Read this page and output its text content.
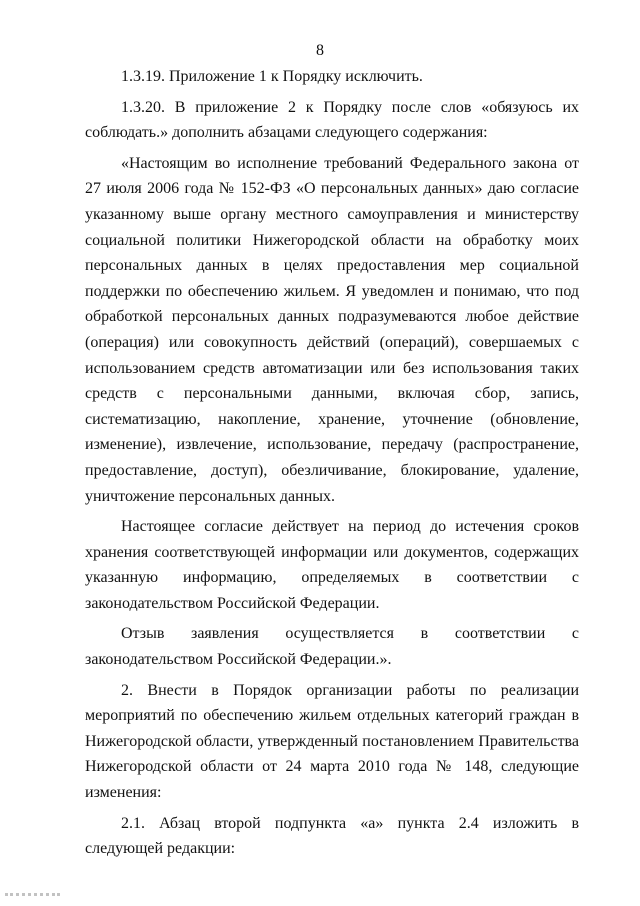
8

1.3.19. Приложение 1 к Порядку исключить.

1.3.20. В приложение 2 к Порядку после слов «обязуюсь их соблюдать.» дополнить абзацами следующего содержания:

«Настоящим во исполнение требований Федерального закона от 27 июля 2006 года № 152-ФЗ «О персональных данных» даю согласие указанному выше органу местного самоуправления и министерству социальной политики Нижегородской области на обработку моих персональных данных в целях предоставления мер социальной поддержки по обеспечению жильем. Я уведомлен и понимаю, что под обработкой персональных данных подразумеваются любое действие (операция) или совокупность действий (операций), совершаемых с использованием средств автоматизации или без использования таких средств с персональными данными, включая сбор, запись, систематизацию, накопление, хранение, уточнение (обновление, изменение), извлечение, использование, передачу (распространение, предоставление, доступ), обезличивание, блокирование, удаление, уничтожение персональных данных.

Настоящее согласие действует на период до истечения сроков хранения соответствующей информации или документов, содержащих указанную информацию, определяемых в соответствии с законодательством Российской Федерации.

Отзыв заявления осуществляется в соответствии с законодательством Российской Федерации.».

2. Внести в Порядок организации работы по реализации мероприятий по обеспечению жильем отдельных категорий граждан в Нижегородской области, утвержденный постановлением Правительства Нижегородской области от 24 марта 2010 года № 148, следующие изменения:

2.1. Абзац второй подпункта «а» пункта 2.4 изложить в следующей редакции:
